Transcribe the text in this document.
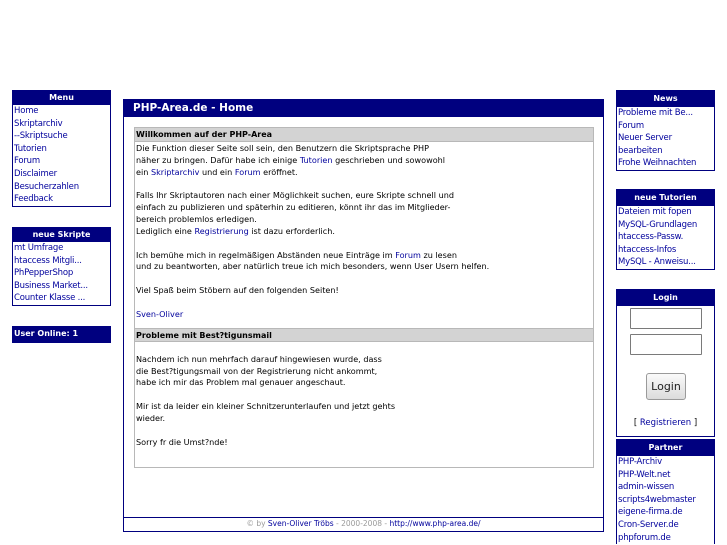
Menu
Home
Skriptarchiv
--Skriptsuche
Tutorien
Forum
Disclaimer
Besucherzahlen
Feedback
neue Skripte
mt Umfrage
htaccess Mitgli...
PhPepperShop
Business Market...
Counter Klasse ...
User Online: 1
PHP-Area.de - Home
Willkommen auf der PHP-Area
Die Funktion dieser Seite soll sein, den Benutzern die Skriptsprache PHP
näher zu bringen. Dafür habe ich einige Tutorien geschrieben und sowowohl
ein Skriptarchiv und ein Forum eröffnet.
Falls Ihr Skriptautoren nach einer Möglichkeit suchen, eure Skripte schnell und
einfach zu publizieren und späterhin zu editieren, könnt ihr das im Mitglieder-
bereich problemlos erledigen.
Lediglich eine Registrierung ist dazu erforderlich.
Ich bemühe mich in regelmäßigen Abständen neue Einträge im Forum zu lesen
und zu beantworten, aber natürlich treue ich mich besonders, wenn User Usern helfen.
Viel Spaß beim Stöbern auf den folgenden Seiten!
Sven-Oliver
Probleme mit Best?tigunsmail
Nachdem ich nun mehrfach darauf hingewiesen wurde, dass
die Best?tigungsmail von der Registrierung nicht ankommt,
habe ich mir das Problem mal genauer angeschaut.
Mir ist da leider ein kleiner Schnitzerunterlaufen und jetzt gehts
wieder.
Sorry fr die Umst?nde!
© by Sven-Oliver Tröbs - 2000-2008 - http://www.php-area.de/
News
Probleme mit Be...
Forum
Neuer Server
bearbeiten
Frohe Weihnachten
neue Tutorien
Dateien mit fopen
MySQL-Grundlagen
htaccess-Passw.
htaccess-Infos
MySQL - Anweisu...
Login
Login
[ Registrieren ]
Partner
PHP-Archiv
PHP-Welt.net
admin-wissen
scripts4webmaster
eigene-firma.de
Cron-Server.de
phpforum.de
